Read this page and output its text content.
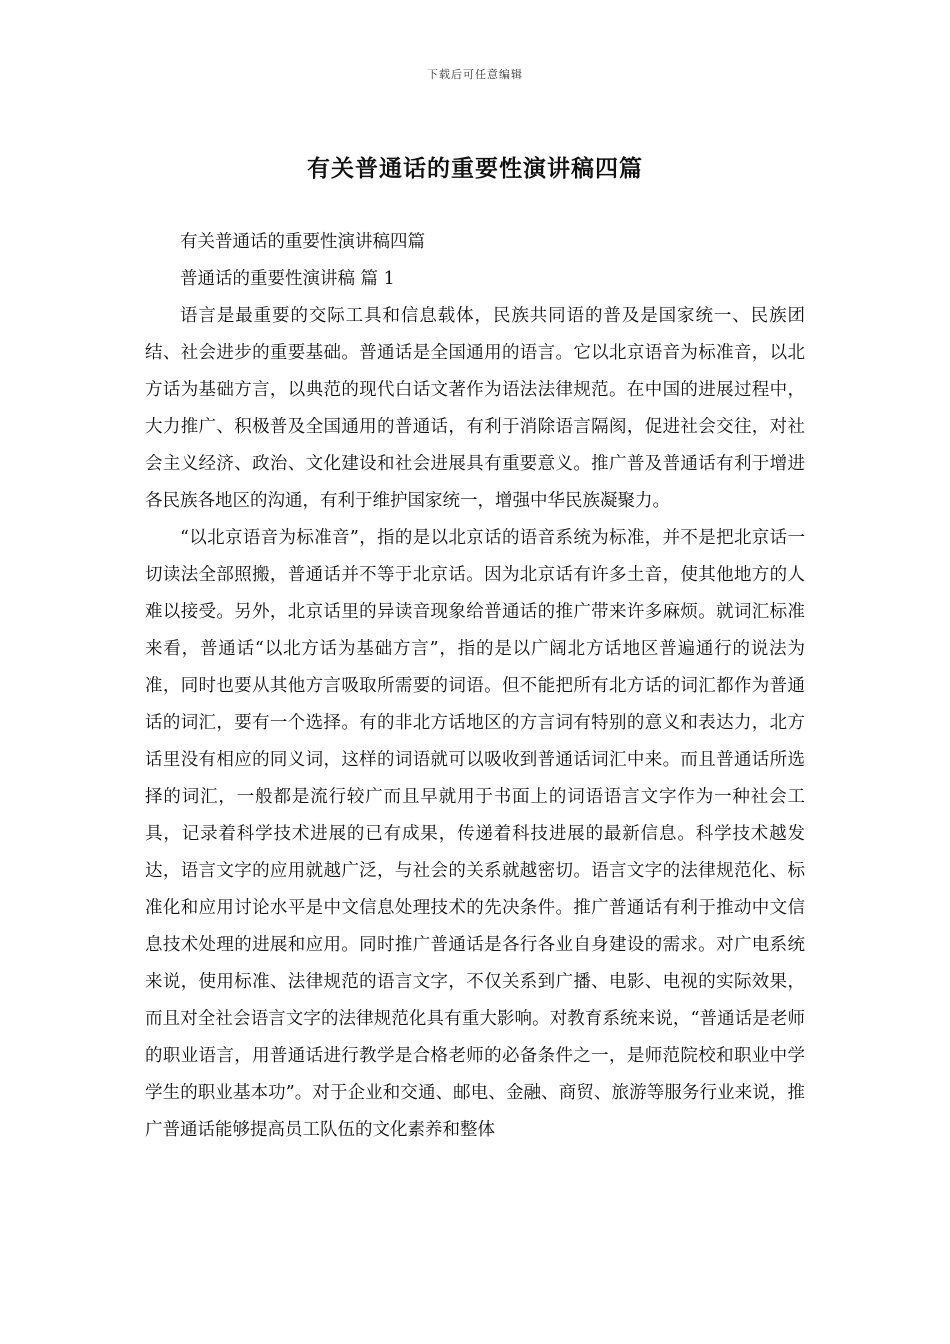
下载后可任意编辑
有关普通话的重要性演讲稿四篇

有关普通话的重要性演讲稿四篇

普通话的重要性演讲稿 篇 1

语言是最重要的交际工具和信息载体，民族共同语的普及是国家统一、民族团结、社会进步的重要基础。普通话是全国通用的语言。它以北京语音为标准音，以北方话为基础方言，以典范的现代白话文著作为语法法律规范。在中国的进展过程中，大力推广、积极普及全国通用的普通话，有利于消除语言隔阂，促进社会交往，对社会主义经济、政治、文化建设和社会进展具有重要意义。推广普及普通话有利于增进各民族各地区的沟通，有利于维护国家统一，增强中华民族凝聚力。

“以北京语音为标准音”，指的是以北京话的语音系统为标准，并不是把北京话一切读法全部照搬，普通话并不等于北京话。因为北京话有许多土音，使其他地方的人难以接受。另外，北京话里的异读音现象给普通话的推广带来许多麻烦。就词汇标准来看，普通话“以北方话为基础方言”，指的是以广阔北方话地区普遍通行的说法为准，同时也要从其他方言吸取所需要的词语。但不能把所有北方话的词汇都作为普通话的词汇，要有一个选择。有的非北方话地区的方言词有特别的意义和表达力，北方话里没有相应的同义词，这样的词语就可以吸收到普通话词汇中来。而且普通话所选择的词汇，一般都是流行较广而且早就用于书面上的词语语言文字作为一种社会工具，记录着科学技术进展的已有成果，传递着科技进展的最新信息。科学技术越发达，语言文字的应用就越广泛，与社会的关系就越密切。语言文字的法律规范化、标准化和应用讨论水平是中文信息处理技术的先决条件。推广普通话有利于推动中文信息技术处理的进展和应用。同时推广普通话是各行各业自身建设的需求。对广电系统来说，使用标准、法律规范的语言文字，不仅关系到广播、电影、电视的实际效果，而且对全社会语言文字的法律规范化具有重大影响。对教育系统来说，“普通话是老师的职业语言，用普通话进行教学是合格老师的必备条件之一，是师范院校和职业中学学生的职业基本功”。对于企业和交通、邮电、金融、商贸、旅游等服务行业来说，推广普通话能够提高员工队伍的文化素养和整体
